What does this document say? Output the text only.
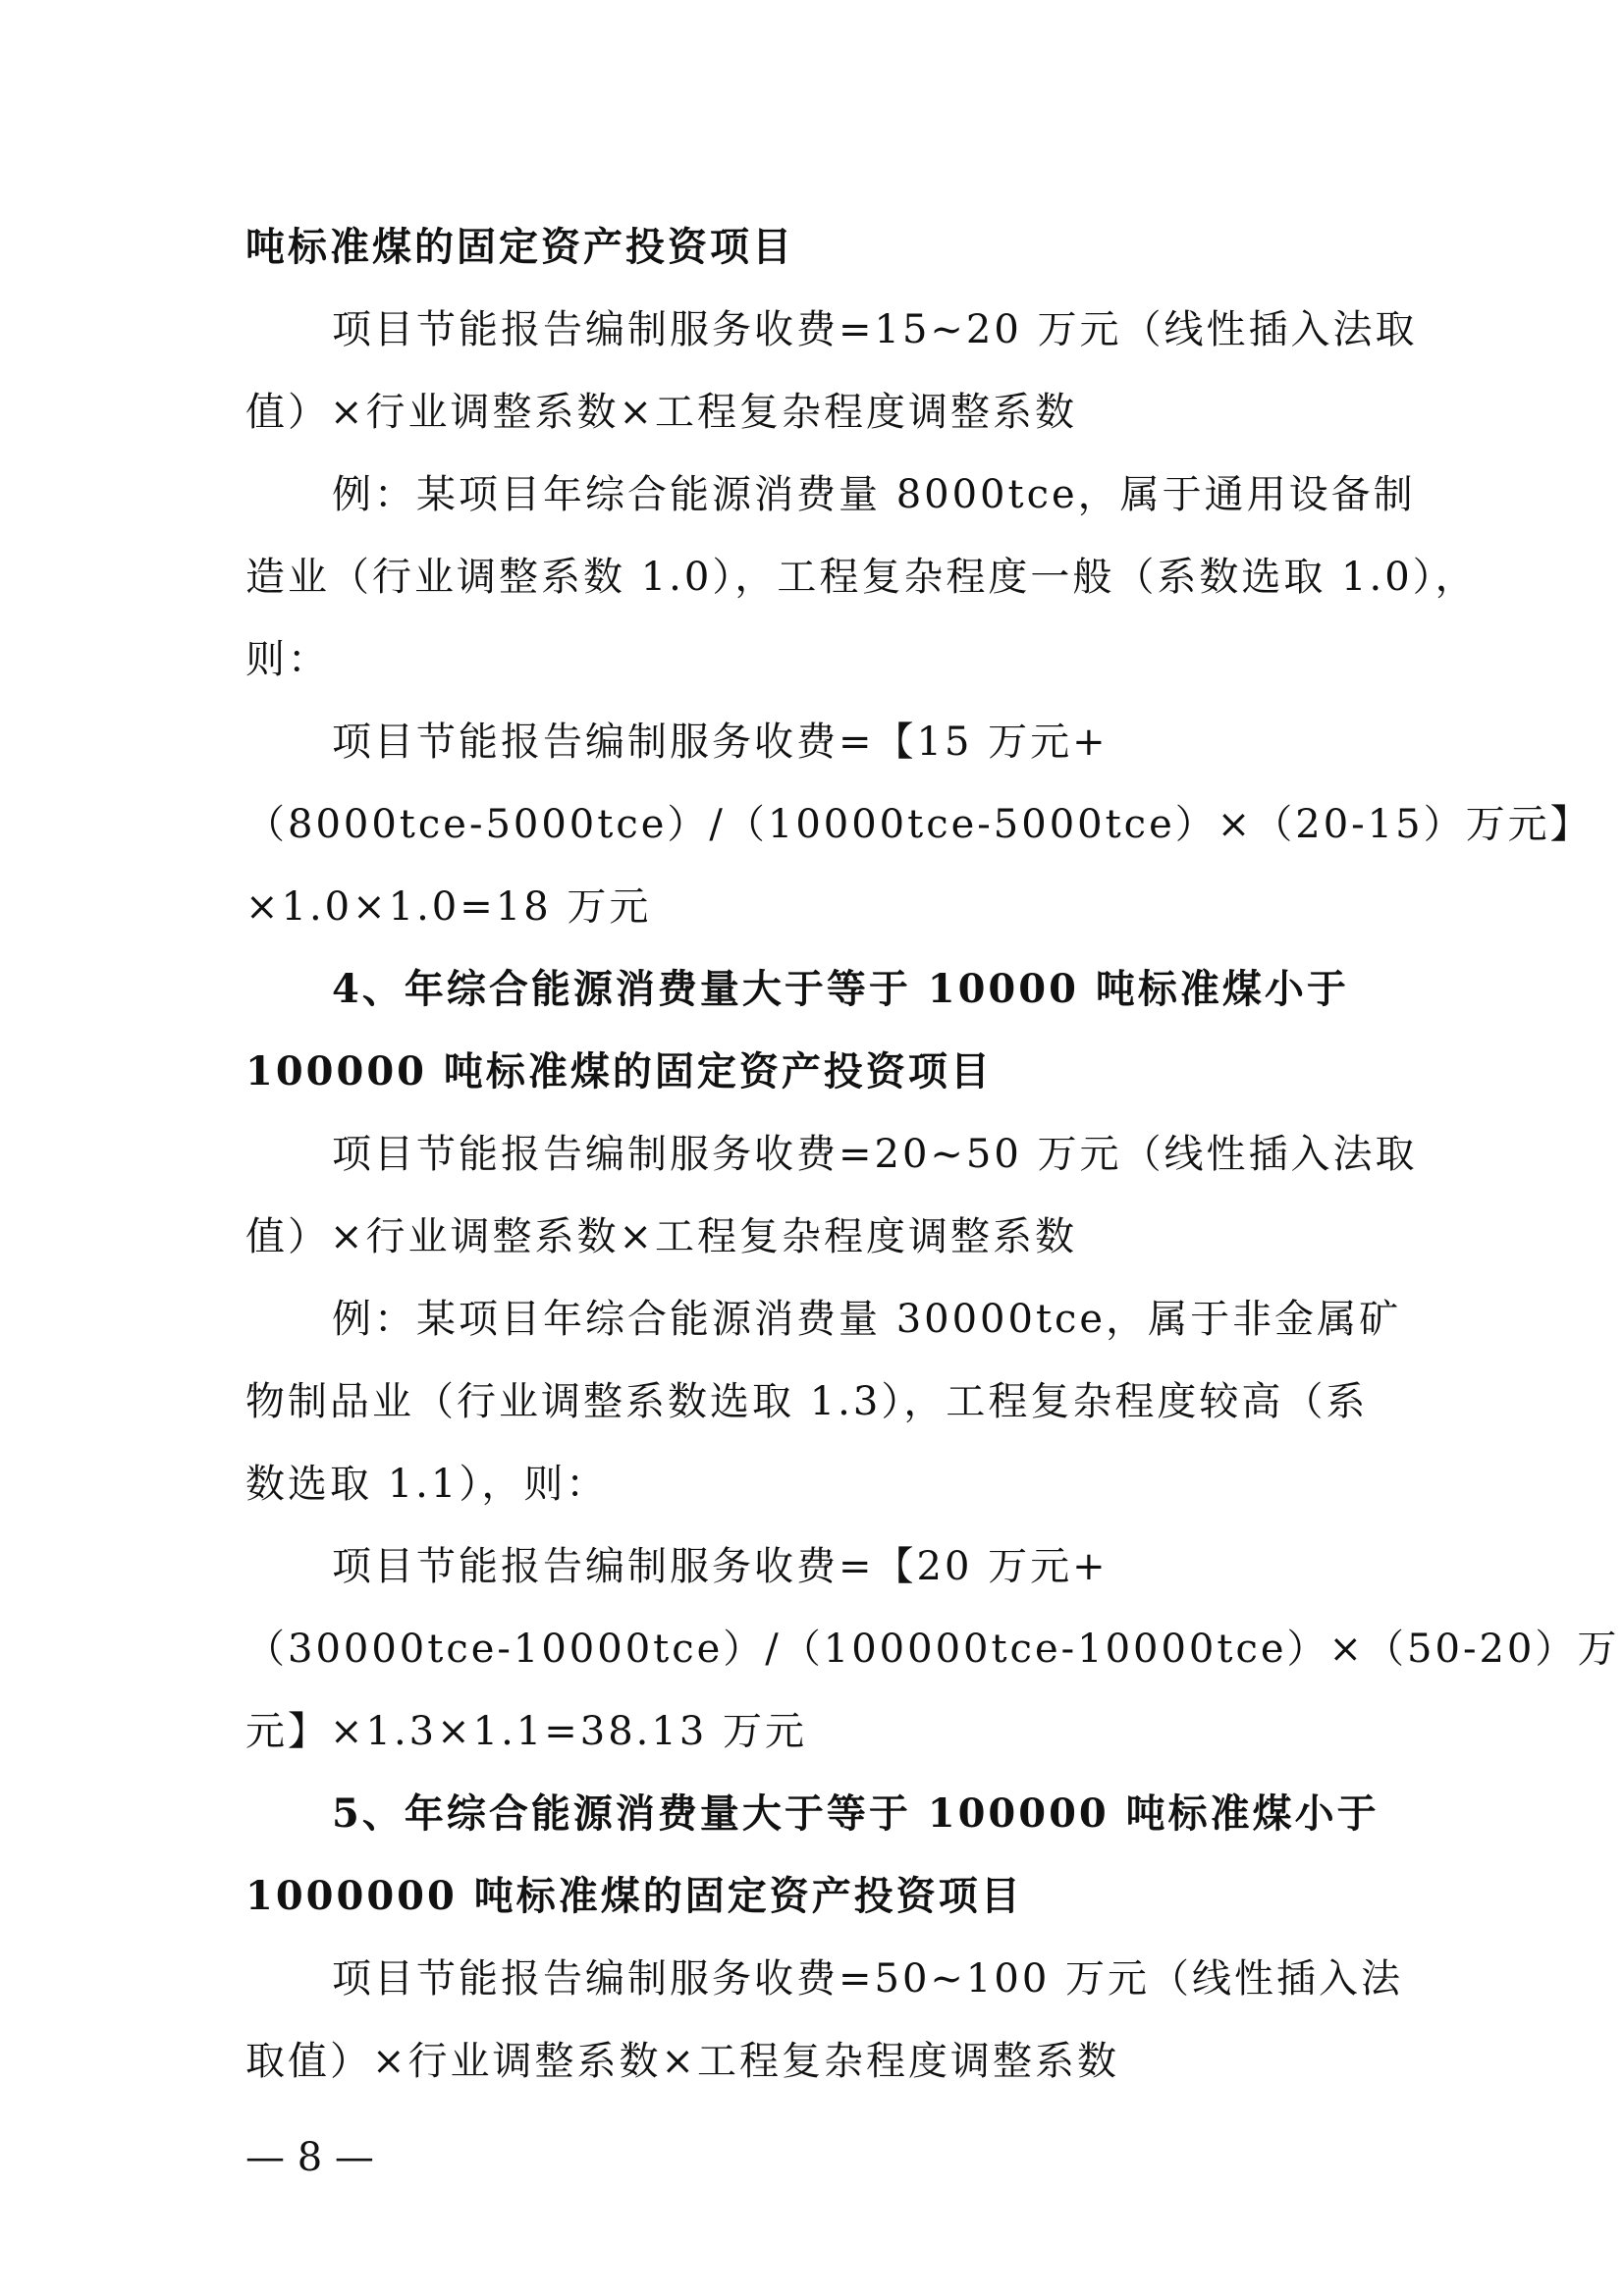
吨标准煤的固定资产投资项目
项目节能报告编制服务收费=15~20 万元（线性插入法取
值）×行业调整系数×工程复杂程度调整系数
例：某项目年综合能源消费量 8000tce，属于通用设备制
造业（行业调整系数 1.0），工程复杂程度一般（系数选取 1.0），
则：
项目节能报告编制服务收费=【15 万元+
（8000tce-5000tce）/（10000tce-5000tce）×（20-15）万元】
×1.0×1.0=18 万元
4、年综合能源消费量大于等于 10000 吨标准煤小于
100000 吨标准煤的固定资产投资项目
项目节能报告编制服务收费=20~50 万元（线性插入法取
值）×行业调整系数×工程复杂程度调整系数
例：某项目年综合能源消费量 30000tce，属于非金属矿
物制品业（行业调整系数选取 1.3），工程复杂程度较高（系
数选取 1.1），则：
项目节能报告编制服务收费=【20 万元+
（30000tce-10000tce）/（100000tce-10000tce）×（50-20）万
元】×1.3×1.1=38.13 万元
5、年综合能源消费量大于等于 100000 吨标准煤小于
1000000 吨标准煤的固定资产投资项目
项目节能报告编制服务收费=50~100 万元（线性插入法
取值）×行业调整系数×工程复杂程度调整系数
— 8 —
